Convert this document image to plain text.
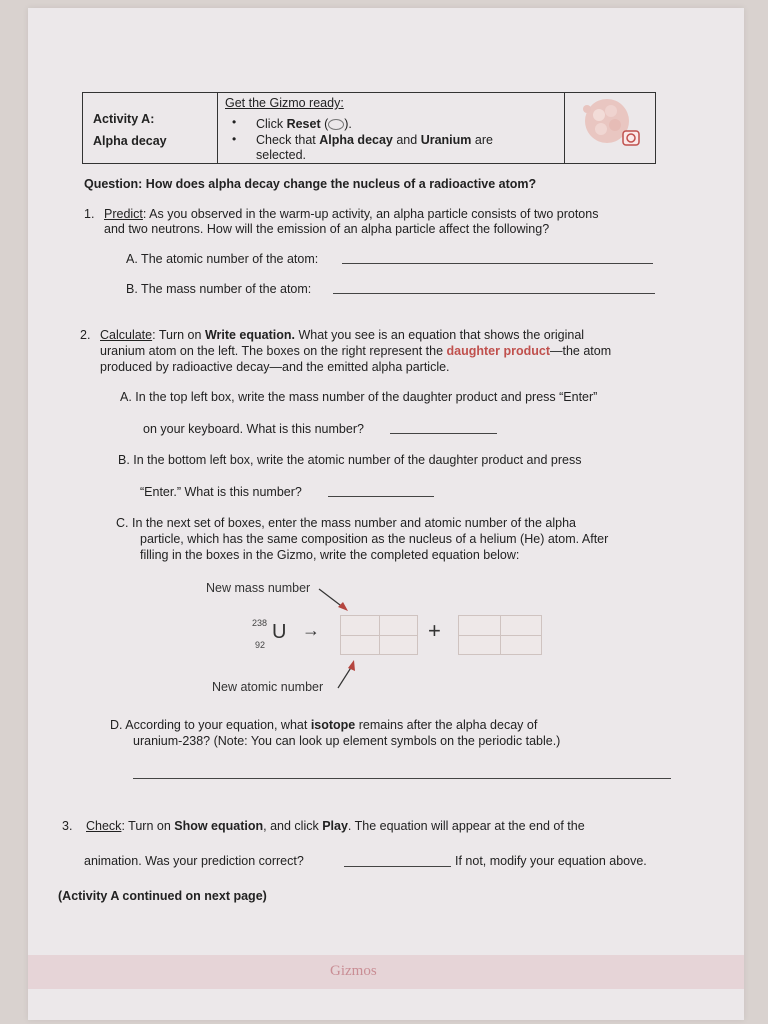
Activity A:
Alpha decay
Get the Gizmo ready:
• Click Reset ( ).
• Check that Alpha decay and Uranium are
selected.
Question: How does alpha decay change the nucleus of a radioactive atom?
1. Predict: As you observed in the warm-up activity, an alpha particle consists of two protons
and two neutrons. How will the emission of an alpha particle affect the following?
A. The atomic number of the atom:
B. The mass number of the atom:
2. Calculate: Turn on Write equation. What you see is an equation that shows the original
uranium atom on the left. The boxes on the right represent the daughter product—the atom
produced by radioactive decay—and the emitted alpha particle.
A. In the top left box, write the mass number of the daughter product and press “Enter”
on your keyboard. What is this number?
B. In the bottom left box, write the atomic number of the daughter product and press
“Enter.” What is this number?
C. In the next set of boxes, enter the mass number and atomic number of the alpha
particle, which has the same composition as the nucleus of a helium (He) atom. After
filling in the boxes in the Gizmo, write the completed equation below:
New mass number
238
92
U →	+
New atomic number
D. According to your equation, what isotope remains after the alpha decay of
uranium-238? (Note: You can look up element symbols on the periodic table.)
3. Check: Turn on Show equation, and click Play. The equation will appear at the end of the
animation. Was your prediction correct?	If not, modify your equation above.
(Activity A continued on next page)
Gizmos
